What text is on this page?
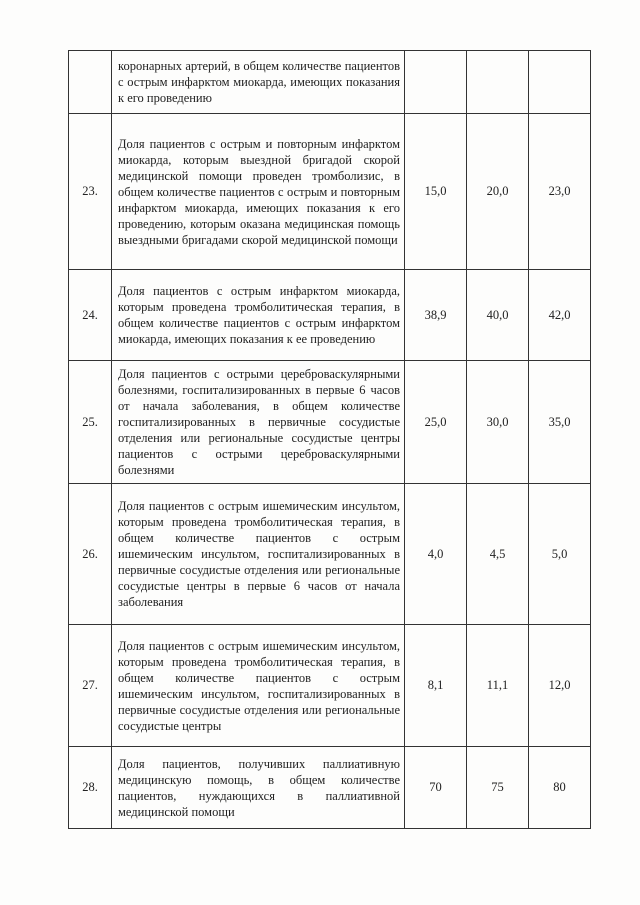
	коронарных артерий, в общем количестве пациентов с острым инфарктом миокарда, имеющих показания к его проведению			
23.	Доля пациентов с острым и повторным инфарктом миокарда, которым выездной бригадой скорой медицинской помощи проведен тромболизис, в общем количестве пациентов с острым и повторным инфарктом миокарда, имеющих показания к его проведению, которым оказана медицинская помощь выездными бригадами скорой медицинской помощи	15,0	20,0	23,0
24.	Доля пациентов с острым инфарктом миокарда, которым проведена тромболитическая терапия, в общем количестве пациентов с острым инфарктом миокарда, имеющих показания к ее проведению	38,9	40,0	42,0
25.	Доля пациентов с острыми цереброваскулярными болезнями, госпитализированных в первые 6 часов от начала заболевания, в общем количестве госпитализированных в первичные сосудистые отделения или региональные сосудистые центры пациентов с острыми цереброваскулярными болезнями	25,0	30,0	35,0
26.	Доля пациентов с острым ишемическим инсультом, которым проведена тромболитическая терапия, в общем количестве пациентов с острым ишемическим инсультом, госпитализированных в первичные сосудистые отделения или региональные сосудистые центры в первые 6 часов от начала заболевания	4,0	4,5	5,0
27.	Доля пациентов с острым ишемическим инсультом, которым проведена тромболитическая терапия, в общем количестве пациентов с острым ишемическим инсультом, госпитализированных в первичные сосудистые отделения или региональные сосудистые центры	8,1	11,1	12,0
28.	Доля пациентов, получивших паллиативную медицинскую помощь, в общем количестве пациентов, нуждающихся в паллиативной медицинской помощи	70	75	80
